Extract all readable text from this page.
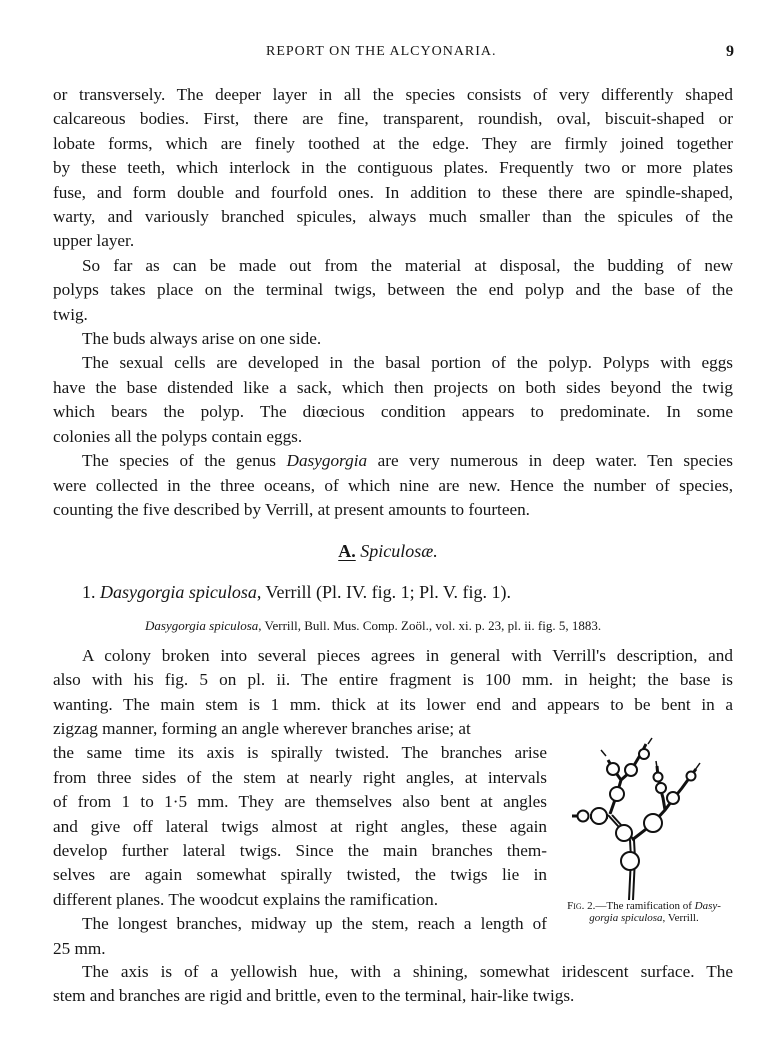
REPORT ON THE ALCYONARIA.	9
or transversely. The deeper layer in all the species consists of very differently shaped
calcareous bodies. First, there are fine, transparent, roundish, oval, biscuit-shaped or
lobate forms, which are finely toothed at the edge. They are firmly joined together
by these teeth, which interlock in the contiguous plates. Frequently two or more plates
fuse, and form double and fourfold ones. In addition to these there are spindle-shaped,
warty, and variously branched spicules, always much smaller than the spicules of the
upper layer.
So far as can be made out from the material at disposal, the budding of new
polyps takes place on the terminal twigs, between the end polyp and the base of the
twig.
The buds always arise on one side.
The sexual cells are developed in the basal portion of the polyp. Polyps with eggs
have the base distended like a sack, which then projects on both sides beyond the twig
which bears the polyp. The diœcious condition appears to predominate. In some
colonies all the polyps contain eggs.
The species of the genus Dasygorgia are very numerous in deep water. Ten species
were collected in the three oceans, of which nine are new. Hence the number of species,
counting the five described by Verrill, at present amounts to fourteen.
A. Spiculosæ.
1. Dasygorgia spiculosa, Verrill (Pl. IV. fig. 1; Pl. V. fig. 1).
Dasygorgia spiculosa, Verrill, Bull. Mus. Comp. Zoöl., vol. xi. p. 23, pl. ii. fig. 5, 1883.
A colony broken into several pieces agrees in general with Verrill's description, and
also with his fig. 5 on pl. ii. The entire fragment is 100 mm. in height; the base is
wanting. The main stem is 1 mm. thick at its lower end and appears to be bent in a
zigzag manner, forming an angle wherever branches arise; at
the same time its axis is spirally twisted. The branches arise
from three sides of the stem at nearly right angles, at intervals
of from 1 to 1·5 mm. They are themselves also bent at angles
and give off lateral twigs almost at right angles, these again
develop further lateral twigs. Since the main branches them-
selves are again somewhat spirally twisted, the twigs lie in
different planes. The woodcut explains the ramification.
The longest branches, midway up the stem, reach a length of
25 mm.
The axis is of a yellowish hue, with a shining, somewhat iridescent surface. The
stem and branches are rigid and brittle, even to the terminal, hair-like twigs.
Fig. 2.—The ramification of Dasy-
gorgia spiculosa, Verrill.
